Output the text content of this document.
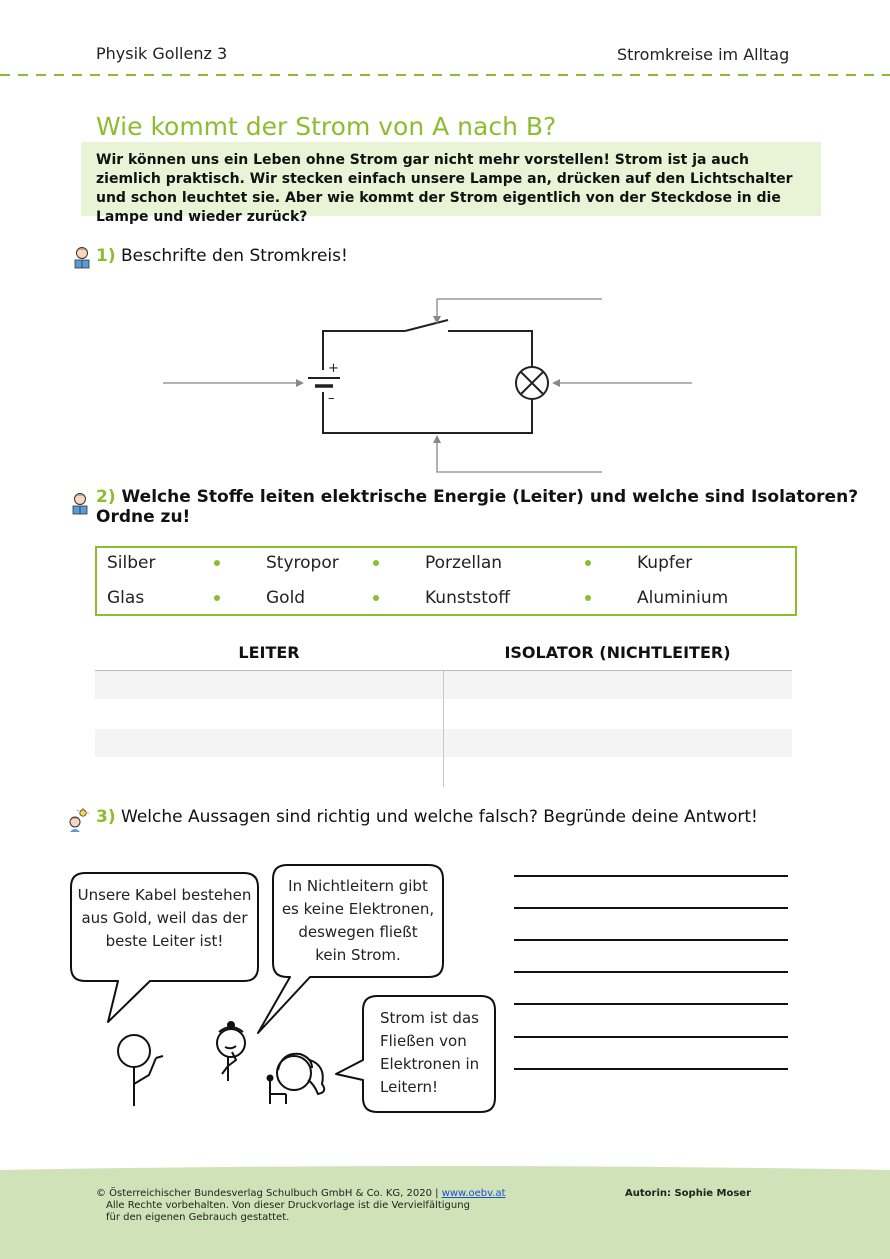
Physik Gollenz 3	Stromkreise im Alltag
Wie kommt der Strom von A nach B?
Wir können uns ein Leben ohne Strom gar nicht mehr vorstellen! Strom ist ja auch ziemlich praktisch. Wir stecken einfach unsere Lampe an, drücken auf den Lichtschalter und schon leuchtet sie. Aber wie kommt der Strom eigentlich von der Steckdose in die Lampe und wieder zurück?
1) Beschrifte den Stromkreis!
+
–
2) Welche Stoffe leiten elektrische Energie (Leiter) und welche sind Isolatoren? Ordne zu!
Silber	Styropor	Porzellan	Kupfer
Glas	Gold	Kunststoff	Aluminium
LEITER	ISOLATOR (NICHTLEITER)
3) Welche Aussagen sind richtig und welche falsch? Begründe deine Antwort!
Unsere Kabel bestehen
aus Gold, weil das der
beste Leiter ist!
In Nichtleitern gibt
es keine Elektronen,
deswegen fließt
kein Strom.
Strom ist das
Fließen von
Elektronen in
Leitern!
© Österreichischer Bundesverlag Schulbuch GmbH & Co. KG, 2020 | www.oebv.at
Alle Rechte vorbehalten. Von dieser Druckvorlage ist die Vervielfältigung
für den eigenen Gebrauch gestattet.
Autorin: Sophie Moser
